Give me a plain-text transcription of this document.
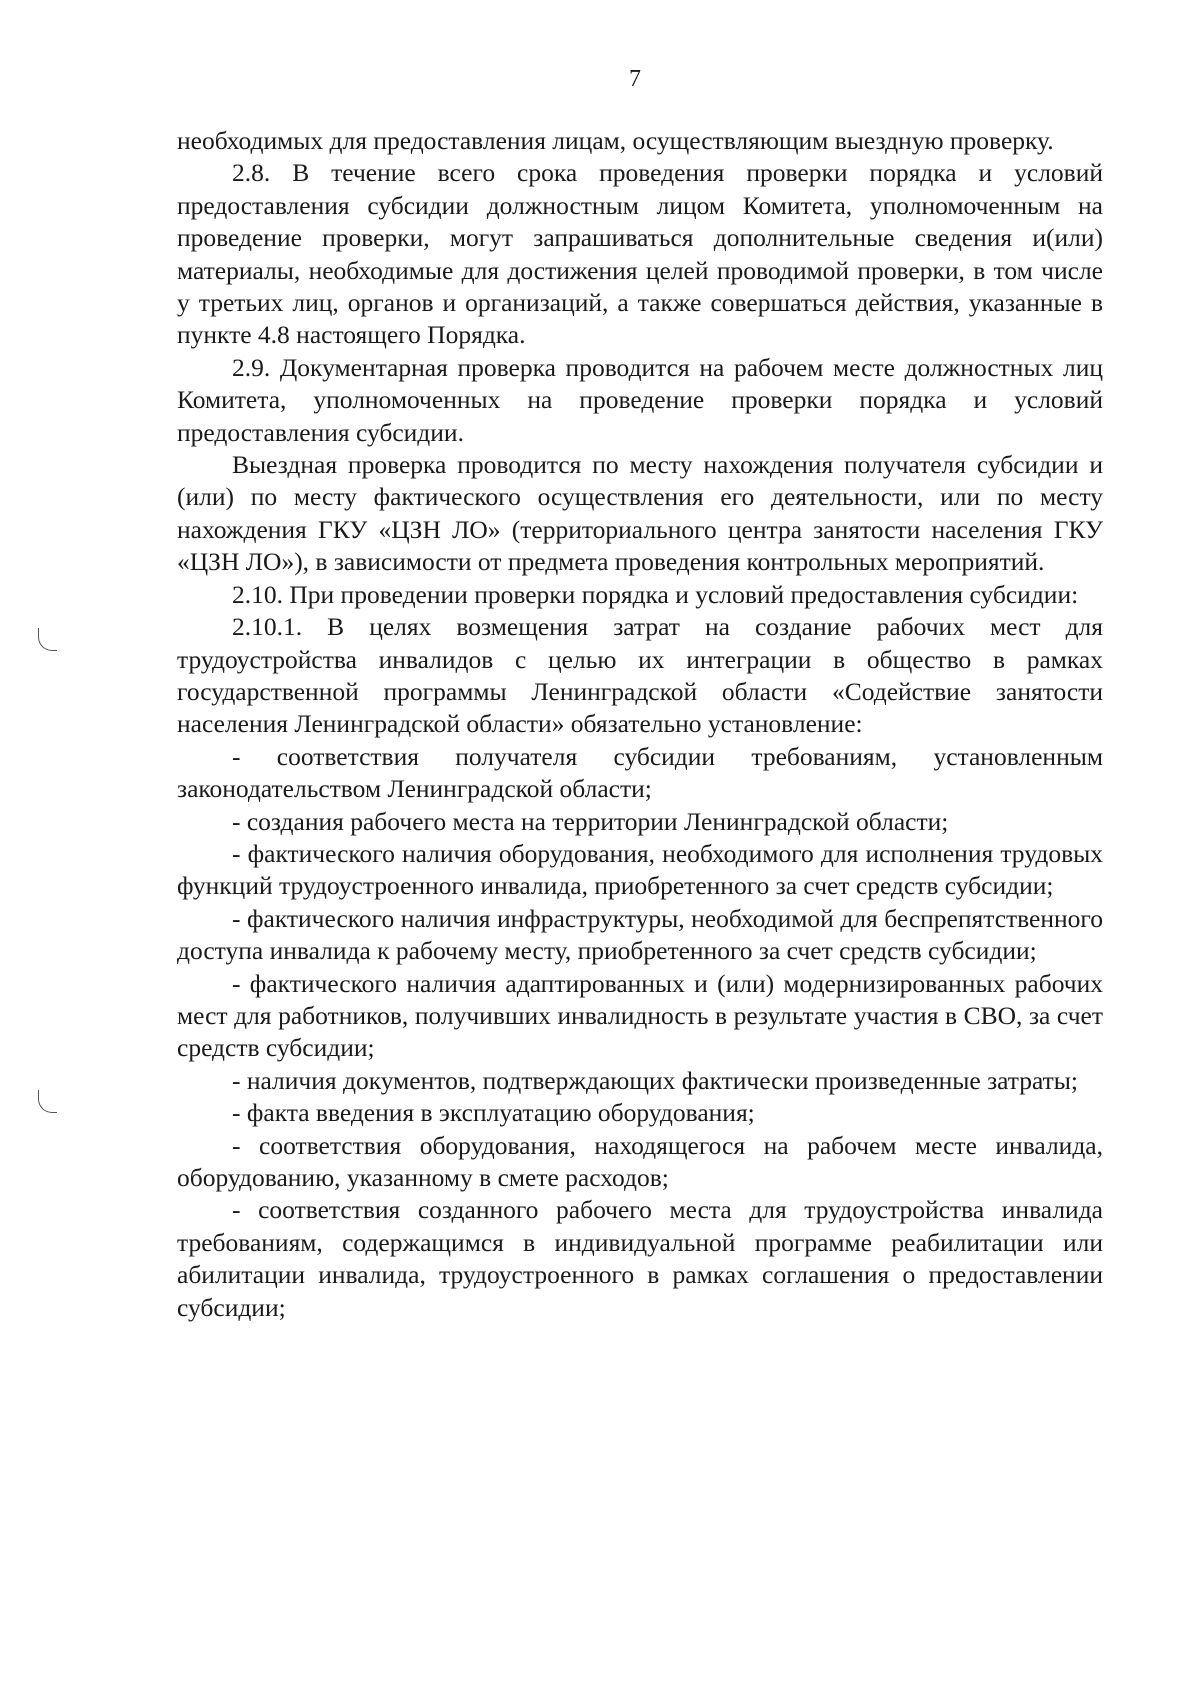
7

необходимых для предоставления лицам, осуществляющим выездную проверку.

2.8. В течение всего срока проведения проверки порядка и условий предоставления субсидии должностным лицом Комитета, уполномоченным на проведение проверки, могут запрашиваться дополнительные сведения и(или) материалы, необходимые для достижения целей проводимой проверки, в том числе у третьих лиц, органов и организаций, а также совершаться действия, указанные в пункте 4.8 настоящего Порядка.

2.9. Документарная проверка проводится на рабочем месте должностных лиц Комитета, уполномоченных на проведение проверки порядка и условий предоставления субсидии.

Выездная проверка проводится по месту нахождения получателя субсидии и (или) по месту фактического осуществления его деятельности, или по месту нахождения ГКУ «ЦЗН ЛО» (территориального центра занятости населения ГКУ «ЦЗН ЛО»), в зависимости от предмета проведения контрольных мероприятий.

2.10. При проведении проверки порядка и условий предоставления субсидии:

2.10.1. В целях возмещения затрат на создание рабочих мест для трудоустройства инвалидов с целью их интеграции в общество в рамках государственной программы Ленинградской области «Содействие занятости населения Ленинградской области» обязательно установление:

- соответствия получателя субсидии требованиям, установленным законодательством Ленинградской области;

- создания рабочего места на территории Ленинградской области;

- фактического наличия оборудования, необходимого для исполнения трудовых функций трудоустроенного инвалида, приобретенного за счет средств субсидии;

- фактического наличия инфраструктуры, необходимой для беспрепятственного доступа инвалида к рабочему месту, приобретенного за счет средств субсидии;

- фактического наличия адаптированных и (или) модернизированных рабочих мест для работников, получивших инвалидность в результате участия в СВО, за счет средств субсидии;

- наличия документов, подтверждающих фактически произведенные затраты;

- факта введения в эксплуатацию оборудования;

- соответствия оборудования, находящегося на рабочем месте инвалида, оборудованию, указанному в смете расходов;

- соответствия созданного рабочего места для трудоустройства инвалида требованиям, содержащимся в индивидуальной программе реабилитации или абилитации инвалида, трудоустроенного в рамках соглашения о предоставлении субсидии;
